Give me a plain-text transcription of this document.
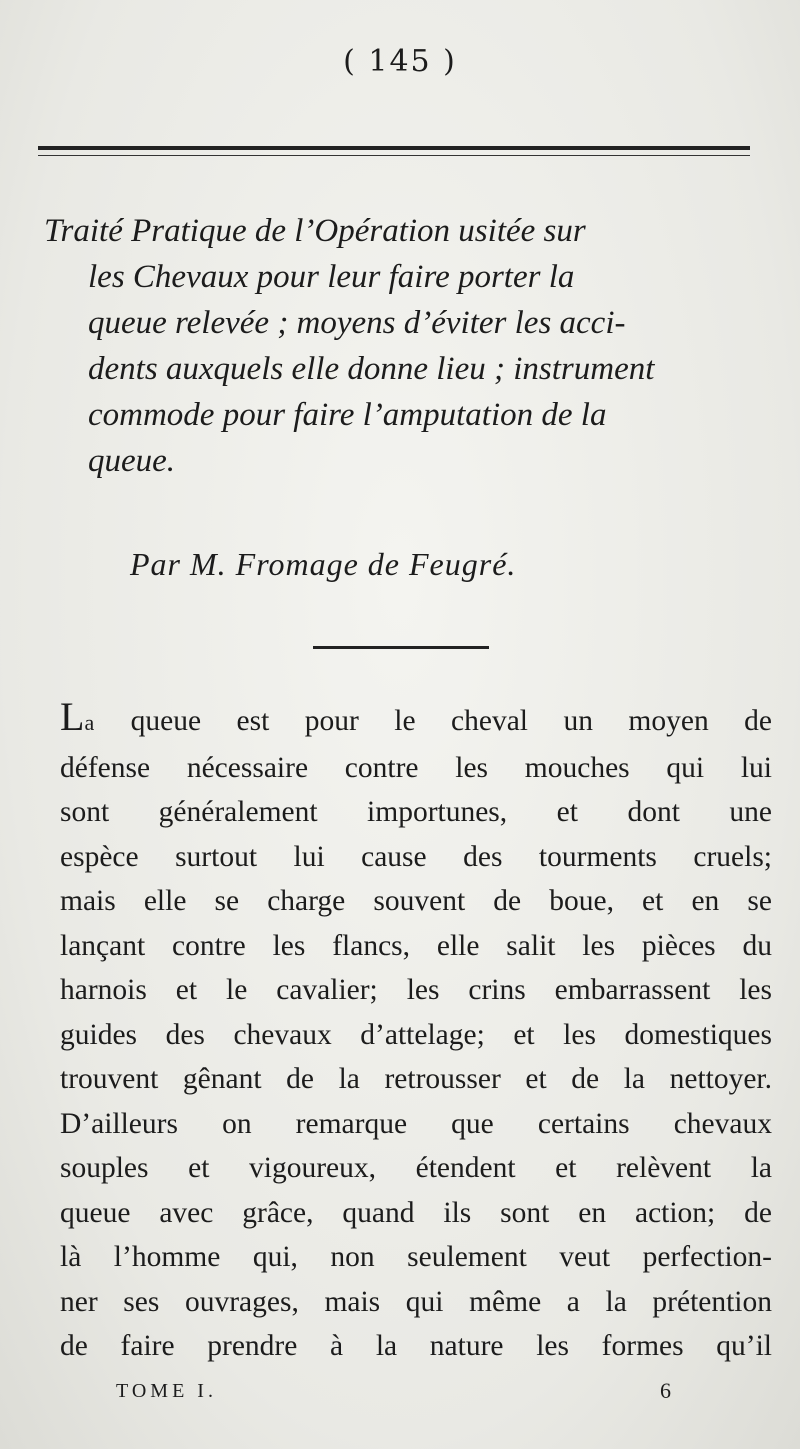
( 145 )
Traité Pratique de l’Opération usitée sur
les Chevaux pour leur faire porter la
queue relevée ; moyens d’éviter les acci-
dents auxquels elle donne lieu ; instrument
commode pour faire l’amputation de la
queue.
Par M. Fromage de Feugré.
La queue est pour le cheval un moyen de
défense nécessaire contre les mouches qui lui
sont généralement importunes, et dont une
espèce surtout lui cause des tourments cruels;
mais elle se charge souvent de boue, et en se
lançant contre les flancs, elle salit les pièces du
harnois et le cavalier; les crins embarrassent les
guides des chevaux d’attelage; et les domestiques
trouvent gênant de la retrousser et de la nettoyer.
D’ailleurs on remarque que certains chevaux
souples et vigoureux, étendent et relèvent la
queue avec grâce, quand ils sont en action; de
là l’homme qui, non seulement veut perfection-
ner ses ouvrages, mais qui même a la prétention
de faire prendre à la nature les formes qu’il
TOME I.	6
